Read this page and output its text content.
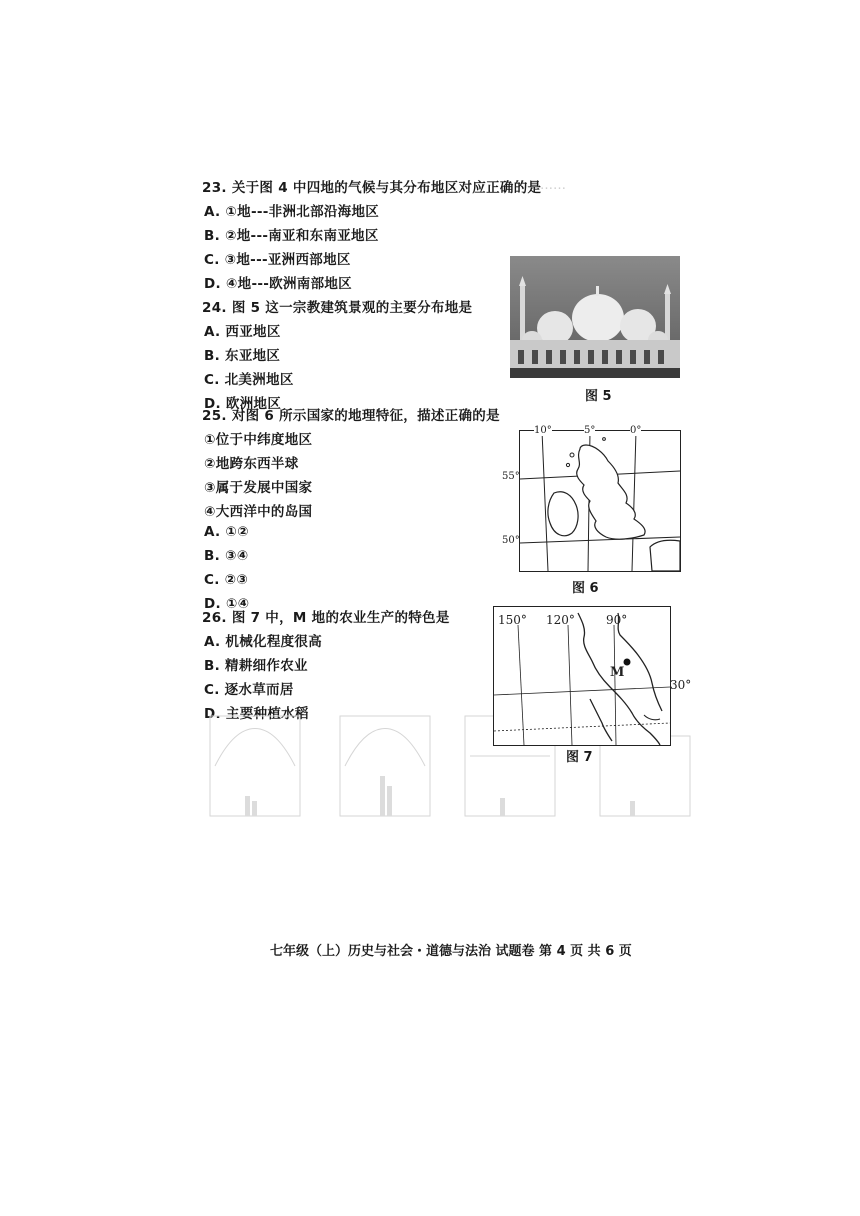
……
23. 关于图 4 中四地的气候与其分布地区对应正确的是
A. ①地---非洲北部沿海地区
B. ②地---南亚和东南亚地区
C. ③地---亚洲西部地区
D. ④地---欧洲南部地区
24. 图 5 这一宗教建筑景观的主要分布地是
A. 西亚地区
B. 东亚地区
C. 北美洲地区
D. 欧洲地区	图 5
25. 对图 6 所示国家的地理特征，描述正确的是
①位于中纬度地区
②地跨东西半球
③属于发展中国家
④大西洋中的岛国
A. ①②
B. ③④
C. ②③
D. ①④
10°	5°	0°
55°
50°
图 6
26. 图 7 中，M 地的农业生产的特色是
A. 机械化程度很高
B. 精耕细作农业
C. 逐水草而居
D. 主要种植水稻
150° 120°	90°
M
30°
图 7
七年级（上）历史与社会・道德与法治 试题卷 第 4 页 共 6 页
